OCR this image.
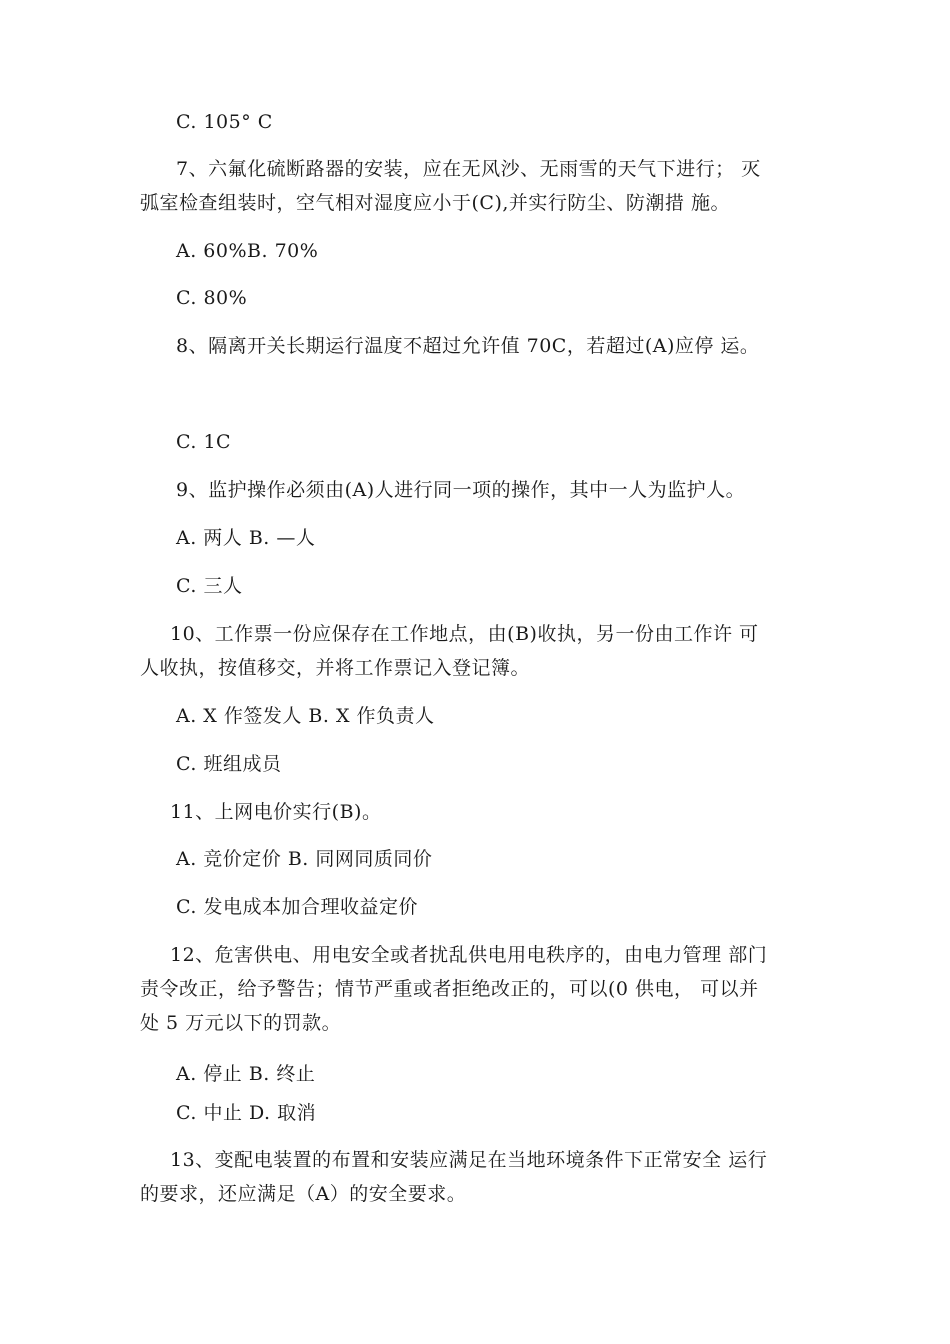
C. 105° C
7、六氟化硫断路器的安装，应在无风沙、无雨雪的天气下进行； 灭
弧室检查组装时，空气相对湿度应小于(C),并实行防尘、防潮措 施。
A. 60%B. 70%
C. 80%
8、隔离开关长期运行温度不超过允许值 70C，若超过(A)应停 运。
C. 1C
9、监护操作必须由(A)人进行同一项的操作，其中一人为监护人。
A. 两人 B. —人
C. 三人
10、工作票一份应保存在工作地点，由(B)收执，另一份由工作许 可
人收执，按值移交，并将工作票记入登记簿。
A. X 作签发人 B. X 作负责人
C. 班组成员
11、上网电价实行(B)。
A. 竞价定价 B. 同网同质同价
C. 发电成本加合理收益定价
12、危害供电、用电安全或者扰乱供电用电秩序的，由电力管理 部门
责令改正，给予警告；情节严重或者拒绝改正的，可以(0 供电， 可以并
处 5 万元以下的罚款。
A. 停止 B. 终止
C. 中止 D. 取消
13、变配电装置的布置和安装应满足在当地环境条件下正常安全 运行
的要求，还应满足（A）的安全要求。
